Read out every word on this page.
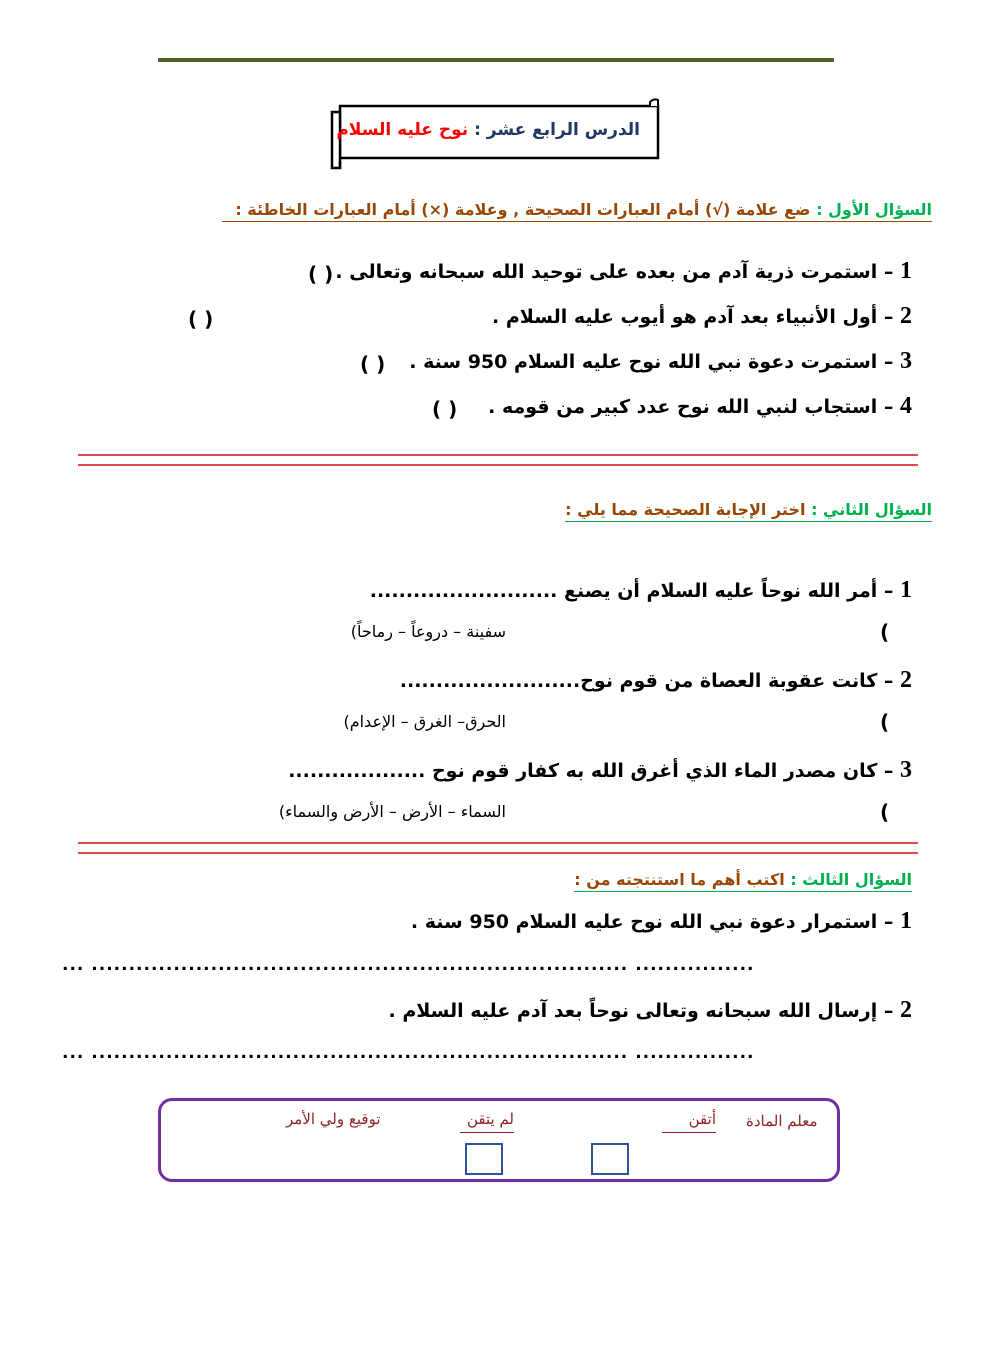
الدرس الرابع عشر : نوح عليه السلام
السؤال الأول : ضع علامة (√) أمام العبارات الصحيحة , وعلامة (×) أمام العبارات الخاطئة :
1 – استمرت ذرية آدم من بعده على توحيد الله سبحانه وتعالى .
( )
2 – أول الأنبياء بعد آدم هو أيوب عليه السلام .
( )
3 – استمرت دعوة نبي الله نوح عليه السلام 950 سنة .
( )
4 – استجاب لنبي الله نوح عدد كبير من قومه .
( )
السؤال الثاني : اختر الإجابة الصحيحة مما يلي :
1 – أمر الله نوحاً عليه السلام أن يصنع ..........................
(
سفينة – دروعاً – رماحاً)
2 – كانت عقوبة العصاة من قوم نوح.........................
(
الحرق– الغرق – الإعدام)
3 – كان مصدر الماء الذي أغرق الله به كفار قوم نوح ...................
(
السماء – الأرض – الأرض والسماء)
السؤال الثالث : اكتب أهم ما استنتجته من :
1 – استمرار دعوة نبي الله نوح عليه السلام 950 سنة .
... ........................................................................ ................
2 – إرسال الله سبحانه وتعالى نوحاً بعد آدم عليه السلام .
... ........................................................................ ................
معلم المادة
أتقن
لم يتقن
توقيع ولي الأمر
